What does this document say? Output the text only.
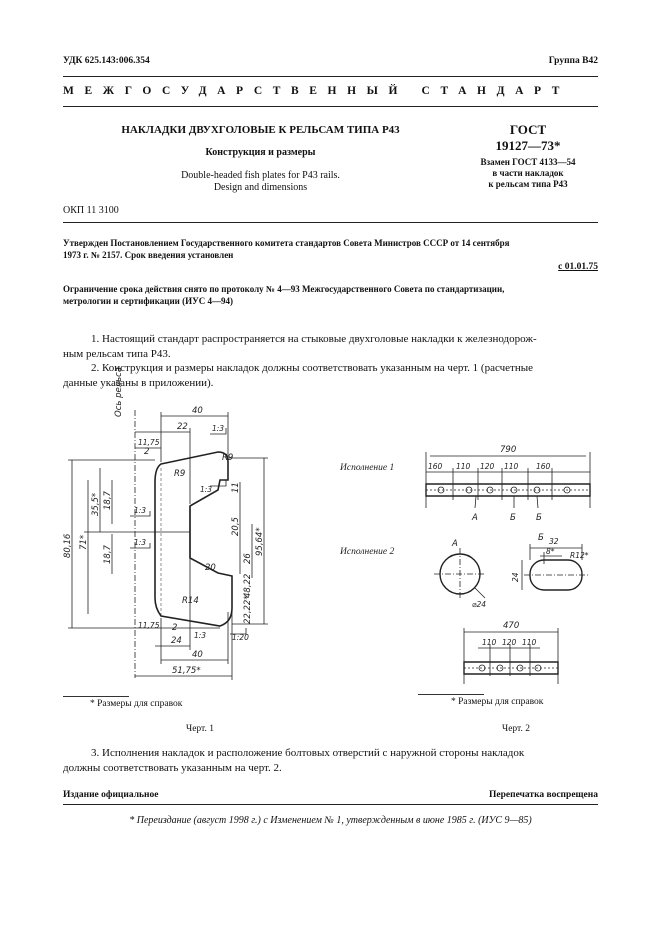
УДК 625.143:006.354	Группа В42
МЕЖГОСУДАРСТВЕННЫЙ СТАНДАРТ
НАКЛАДКИ ДВУХГОЛОВЫЕ К РЕЛЬСАМ ТИПА Р43
Конструкция и размеры
Double-headed fish plates for P43 rails.
Design and dimensions
ОКП 11 3100
ГОСТ
19127—73*
Взамен ГОСТ 4133—54
в части накладок
к рельсам типа Р43
Утвержден Постановлением Государственного комитета стандартов Совета Министров СССР от 14 сентября
1973 г. № 2157. Срок введения установлен
с 01.01.75
Ограничение срока действия снято по протоколу № 4—93 Межгосударственного Совета по стандартизации,
метрологии и сертификации (ИУС 4—94)
1. Настоящий стандарт распространяется на стыковые двухголовые накладки к железнодорож-
ным рельсам типа Р43.
2. Конструкция и размеры накладок должны соответствовать указанным на черт. 1 (расчетные
данные указаны в приложении).
Ось рельса	40
22
11,75
1:3
R9
2
R9
1:3
35,5* 18,7
1:3
11
20,5
80,16 71*
26
95,64*
18,7
1:3
20
48,22
R14	22,22*
11,75 2
1:3
24	1:20
40
51,75*
Исполнение 1
790
160 110 120 110 160
А	Б Б
Исполнение 2
А
Б
⌀24
32
8* R12*
24
470
110 120 110
* Размеры для справок
Черт. 1
* Размеры для справок
Черт. 2
3. Исполнения накладок и расположение болтовых отверстий с наружной стороны накладок
должны соответствовать указанным на черт. 2.
Издание официальное	Перепечатка воспрещена
* Переиздание (август 1998 г.) с Изменением № 1, утвержденным в июне 1985 г. (ИУС 9—85)
